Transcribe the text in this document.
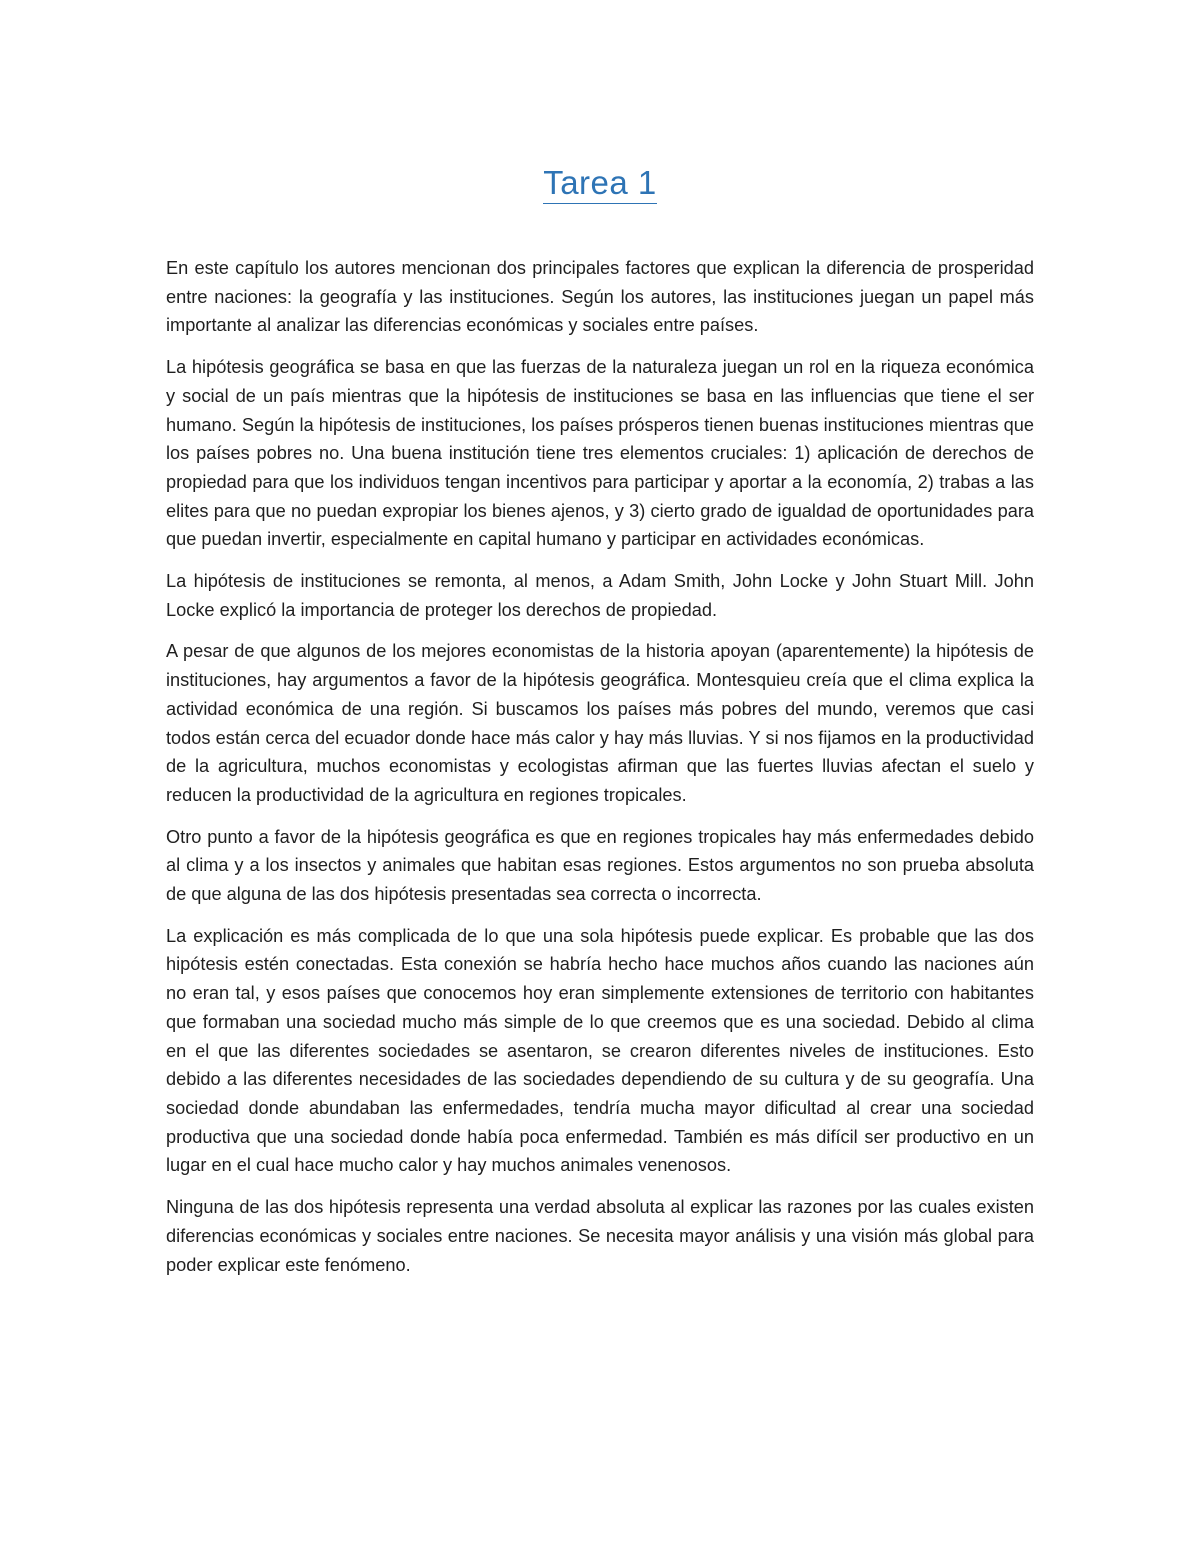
Tarea 1

En este capítulo los autores mencionan dos principales factores que explican la diferencia de prosperidad entre naciones: la geografía y las instituciones. Según los autores, las instituciones juegan un papel más importante al analizar las diferencias económicas y sociales entre países.

La hipótesis geográfica se basa en que las fuerzas de la naturaleza juegan un rol en la riqueza económica y social de un país mientras que la hipótesis de instituciones se basa en las influencias que tiene el ser humano. Según la hipótesis de instituciones, los países prósperos tienen buenas instituciones mientras que los países pobres no. Una buena institución tiene tres elementos cruciales: 1) aplicación de derechos de propiedad para que los individuos tengan incentivos para participar y aportar a la economía, 2) trabas a las elites para que no puedan expropiar los bienes ajenos, y 3) cierto grado de igualdad de oportunidades para que puedan invertir, especialmente en capital humano y participar en actividades económicas.

La hipótesis de instituciones se remonta, al menos, a Adam Smith, John Locke y John Stuart Mill. John Locke explicó la importancia de proteger los derechos de propiedad.

A pesar de que algunos de los mejores economistas de la historia apoyan (aparentemente) la hipótesis de instituciones, hay argumentos a favor de la hipótesis geográfica. Montesquieu creía que el clima explica la actividad económica de una región. Si buscamos los países más pobres del mundo, veremos que casi todos están cerca del ecuador donde hace más calor y hay más lluvias. Y si nos fijamos en la productividad de la agricultura, muchos economistas y ecologistas afirman que las fuertes lluvias afectan el suelo y reducen la productividad de la agricultura en regiones tropicales.

Otro punto a favor de la hipótesis geográfica es que en regiones tropicales hay más enfermedades debido al clima y a los insectos y animales que habitan esas regiones. Estos argumentos no son prueba absoluta de que alguna de las dos hipótesis presentadas sea correcta o incorrecta.

La explicación es más complicada de lo que una sola hipótesis puede explicar. Es probable que las dos hipótesis estén conectadas. Esta conexión se habría hecho hace muchos años cuando las naciones aún no eran tal, y esos países que conocemos hoy eran simplemente extensiones de territorio con habitantes que formaban una sociedad mucho más simple de lo que creemos que es una sociedad. Debido al clima en el que las diferentes sociedades se asentaron, se crearon diferentes niveles de instituciones. Esto debido a las diferentes necesidades de las sociedades dependiendo de su cultura y de su geografía. Una sociedad donde abundaban las enfermedades, tendría mucha mayor dificultad al crear una sociedad productiva que una sociedad donde había poca enfermedad. También es más difícil ser productivo en un lugar en el cual hace mucho calor y hay muchos animales venenosos.

Ninguna de las dos hipótesis representa una verdad absoluta al explicar las razones por las cuales existen diferencias económicas y sociales entre naciones. Se necesita mayor análisis y una visión más global para poder explicar este fenómeno.
